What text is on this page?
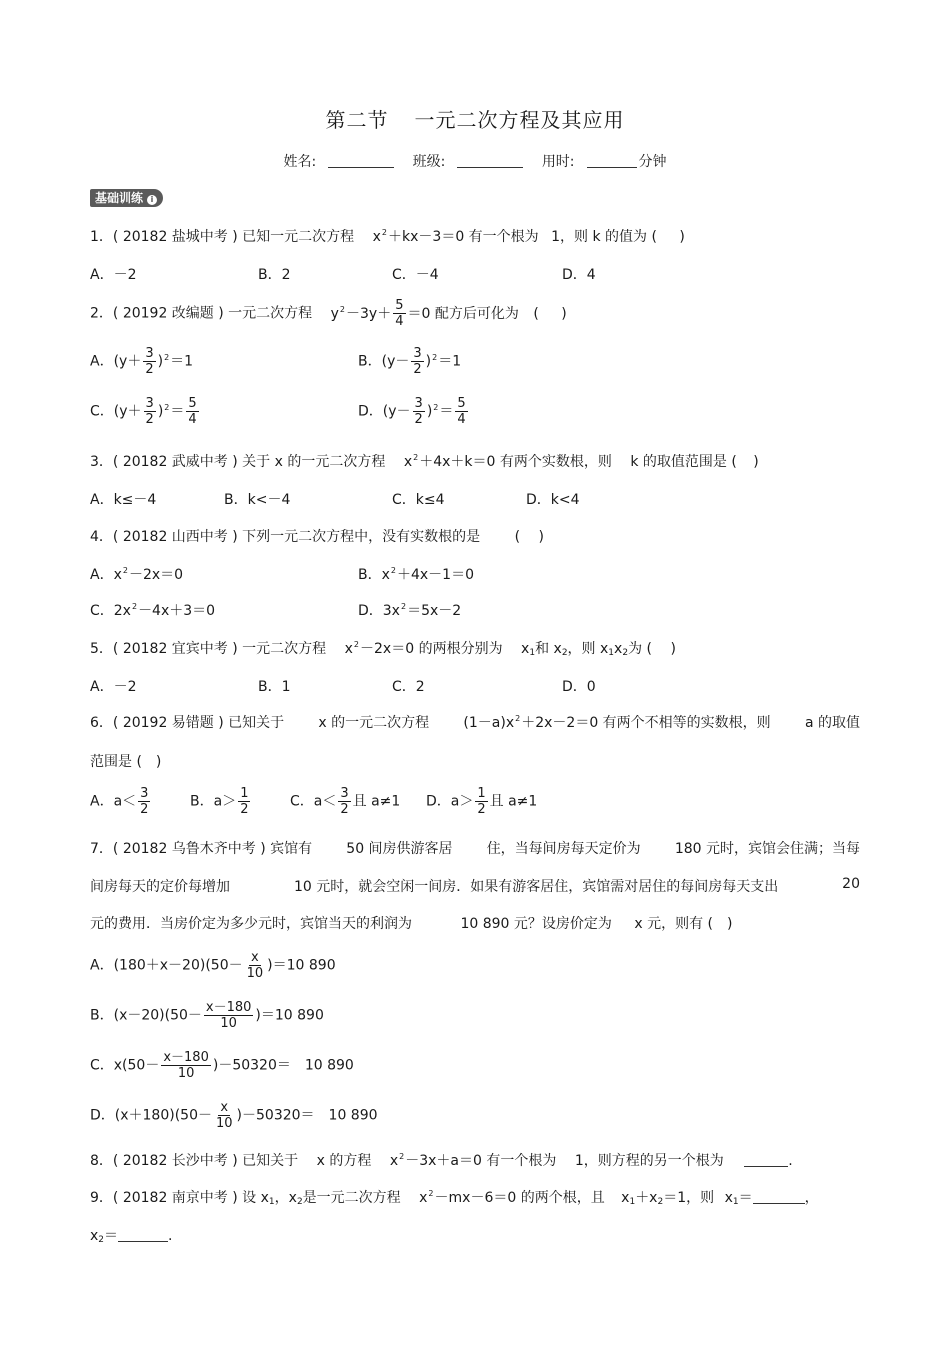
第二节 一元二次方程及其应用
姓名:	班级:	用时:	分钟
基础训练 i
1．( 20182 盐城中考 ) 已知一元二次方程 $x^2+kx-3=0$ 有一个根为 1，则 k 的值为 ( )
A．－2	B．2	C．－4	D．4
2．( 20192 改编题 ) 一元二次方程 $y^2-3y+ \frac{5}{4} =0$ 配方后可化为 ( )
A．$(y+ \frac{3}{2} )^2=1$	B．$(y- \frac{3}{2} )^2=1$
C．$(y+ \frac{3}{2} )^2= \frac{5}{4}$	D．$(y- \frac{3}{2} )^2= \frac{5}{4}$
3．( 20182 武威中考 ) 关于 x 的一元二次方程 $x^2+4x+k=0$ 有两个实数根，则 k 的取值范围是 ( )
A．k≤－4	B．k<－4	C．k≤4	D．k<4
4．( 20182 山西中考 ) 下列一元二次方程中，没有实数根的是 ( )
A．$x^2-2x=0$	B．$x^2+4x-1=0$
C．$2x^2-4x+3=0$	D．$3x^2=5x-2$
5．( 20182 宜宾中考 ) 一元二次方程 $x^2-2x=0$ 的两根分别为 $x_1$和 $x_2$，则 $x_1x_2$为 ( )
A．－2	B．1	C．2	D．0
6．( 20192 易错题 ) 已知关于 x 的一元二次方程 $(1-a)x^2+2x-2=0$ 有两个不相等的实数根，则 a 的取值
范围是 (　)
A．$a< \frac{3}{2}$	B．$a> \frac{1}{2}$	C．$a< \frac{3}{2}$ 且 a≠1 D．$a> \frac{1}{2}$ 且 a≠1
7．( 20182 乌鲁木齐中考 ) 宾馆有 50 间房供游客居 住，当每间房每天定价为 180 元时，宾馆会住满；当每
间房每天的定价每增加	10 元时，就会空闲一间房．如果有游客居住，宾馆需对居住的每间房每天支出	20
元的费用．当房价定为多少元时，宾馆当天的利润为	10 890 元？设房价定为 x 元，则有 (　)
A．$(180+x-20)(50- \frac{x}{10} )=10$ 890
B．$(x-20)(50- \frac{x-180}{10} )=10$ 890
C．$x(50- \frac{x-180}{10} )-50320=$　10 890
D．$(x+180)(50- \frac{x}{10} )-50320=$　10 890
8．( 20182 长沙中考 ) 已知关于 x 的方程 $x^2-3x+a=0$ 有一个根为 1，则方程的另一个根为	.
9．( 20182 南京中考 ) 设 $x_1$，$x_2$是一元二次方程 $x^2-mx-6=0$ 的两个根，且 $x_1+x_2=1$，则 $x_1=$	，
$x_2=$	.
